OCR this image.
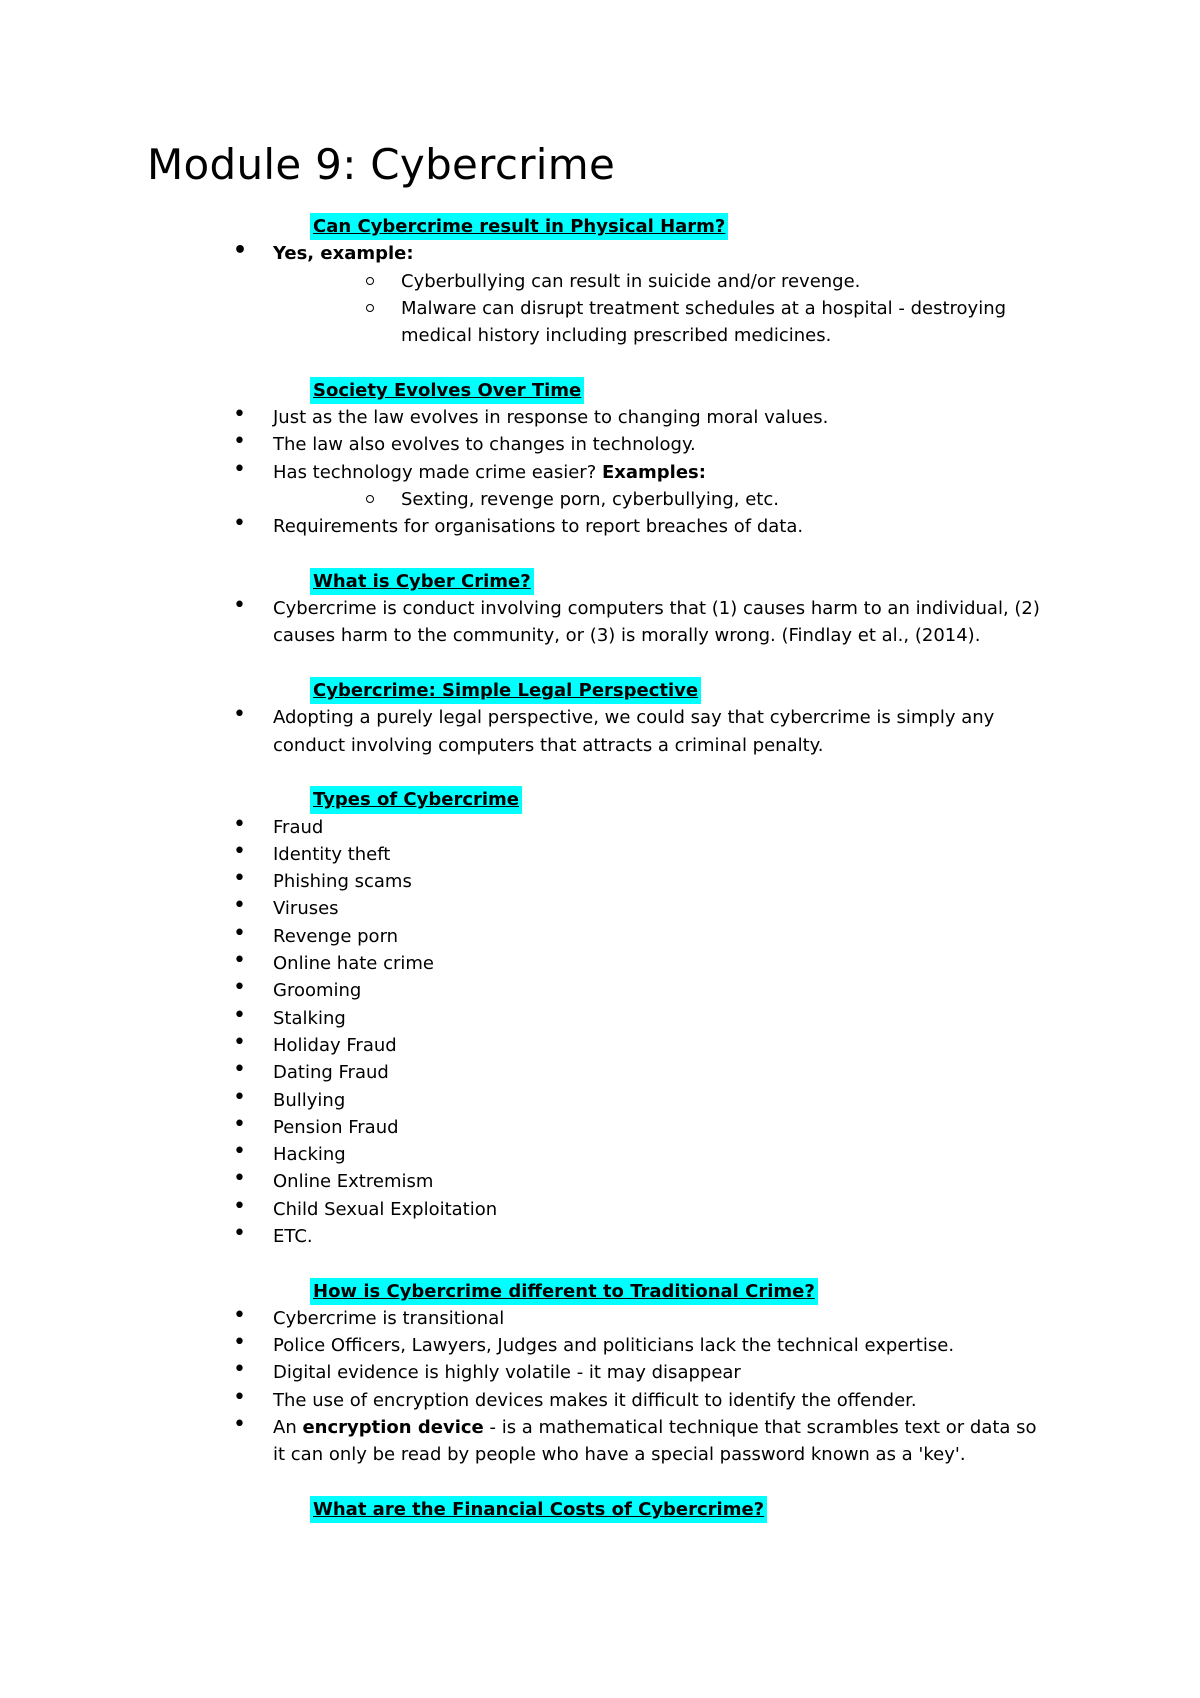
Module 9: Cybercrime
Can Cybercrime result in Physical Harm?
• Yes, example:
Cyberbullying can result in suicide and/or revenge.
Malware can disrupt treatment schedules at a hospital - destroying medical history including prescribed medicines.
Society Evolves Over Time
• Just as the law evolves in response to changing moral values.
• The law also evolves to changes in technology.
• Has technology made crime easier? Examples:
Sexting, revenge porn, cyberbullying, etc.
• Requirements for organisations to report breaches of data.
What is Cyber Crime?
• Cybercrime is conduct involving computers that (1) causes harm to an individual, (2) causes harm to the community, or (3) is morally wrong. (Findlay et al., (2014).
Cybercrime: Simple Legal Perspective
• Adopting a purely legal perspective, we could say that cybercrime is simply any conduct involving computers that attracts a criminal penalty.
Types of Cybercrime
• Fraud
• Identity theft
• Phishing scams
• Viruses
• Revenge porn
• Online hate crime
• Grooming
• Stalking
• Holiday Fraud
• Dating Fraud
• Bullying
• Pension Fraud
• Hacking
• Online Extremism
• Child Sexual Exploitation
• ETC.
How is Cybercrime different to Traditional Crime?
• Cybercrime is transitional
• Police Officers, Lawyers, Judges and politicians lack the technical expertise.
• Digital evidence is highly volatile - it may disappear
• The use of encryption devices makes it difficult to identify the offender.
• An encryption device - is a mathematical technique that scrambles text or data so it can only be read by people who have a special password known as a 'key'.
What are the Financial Costs of Cybercrime?
